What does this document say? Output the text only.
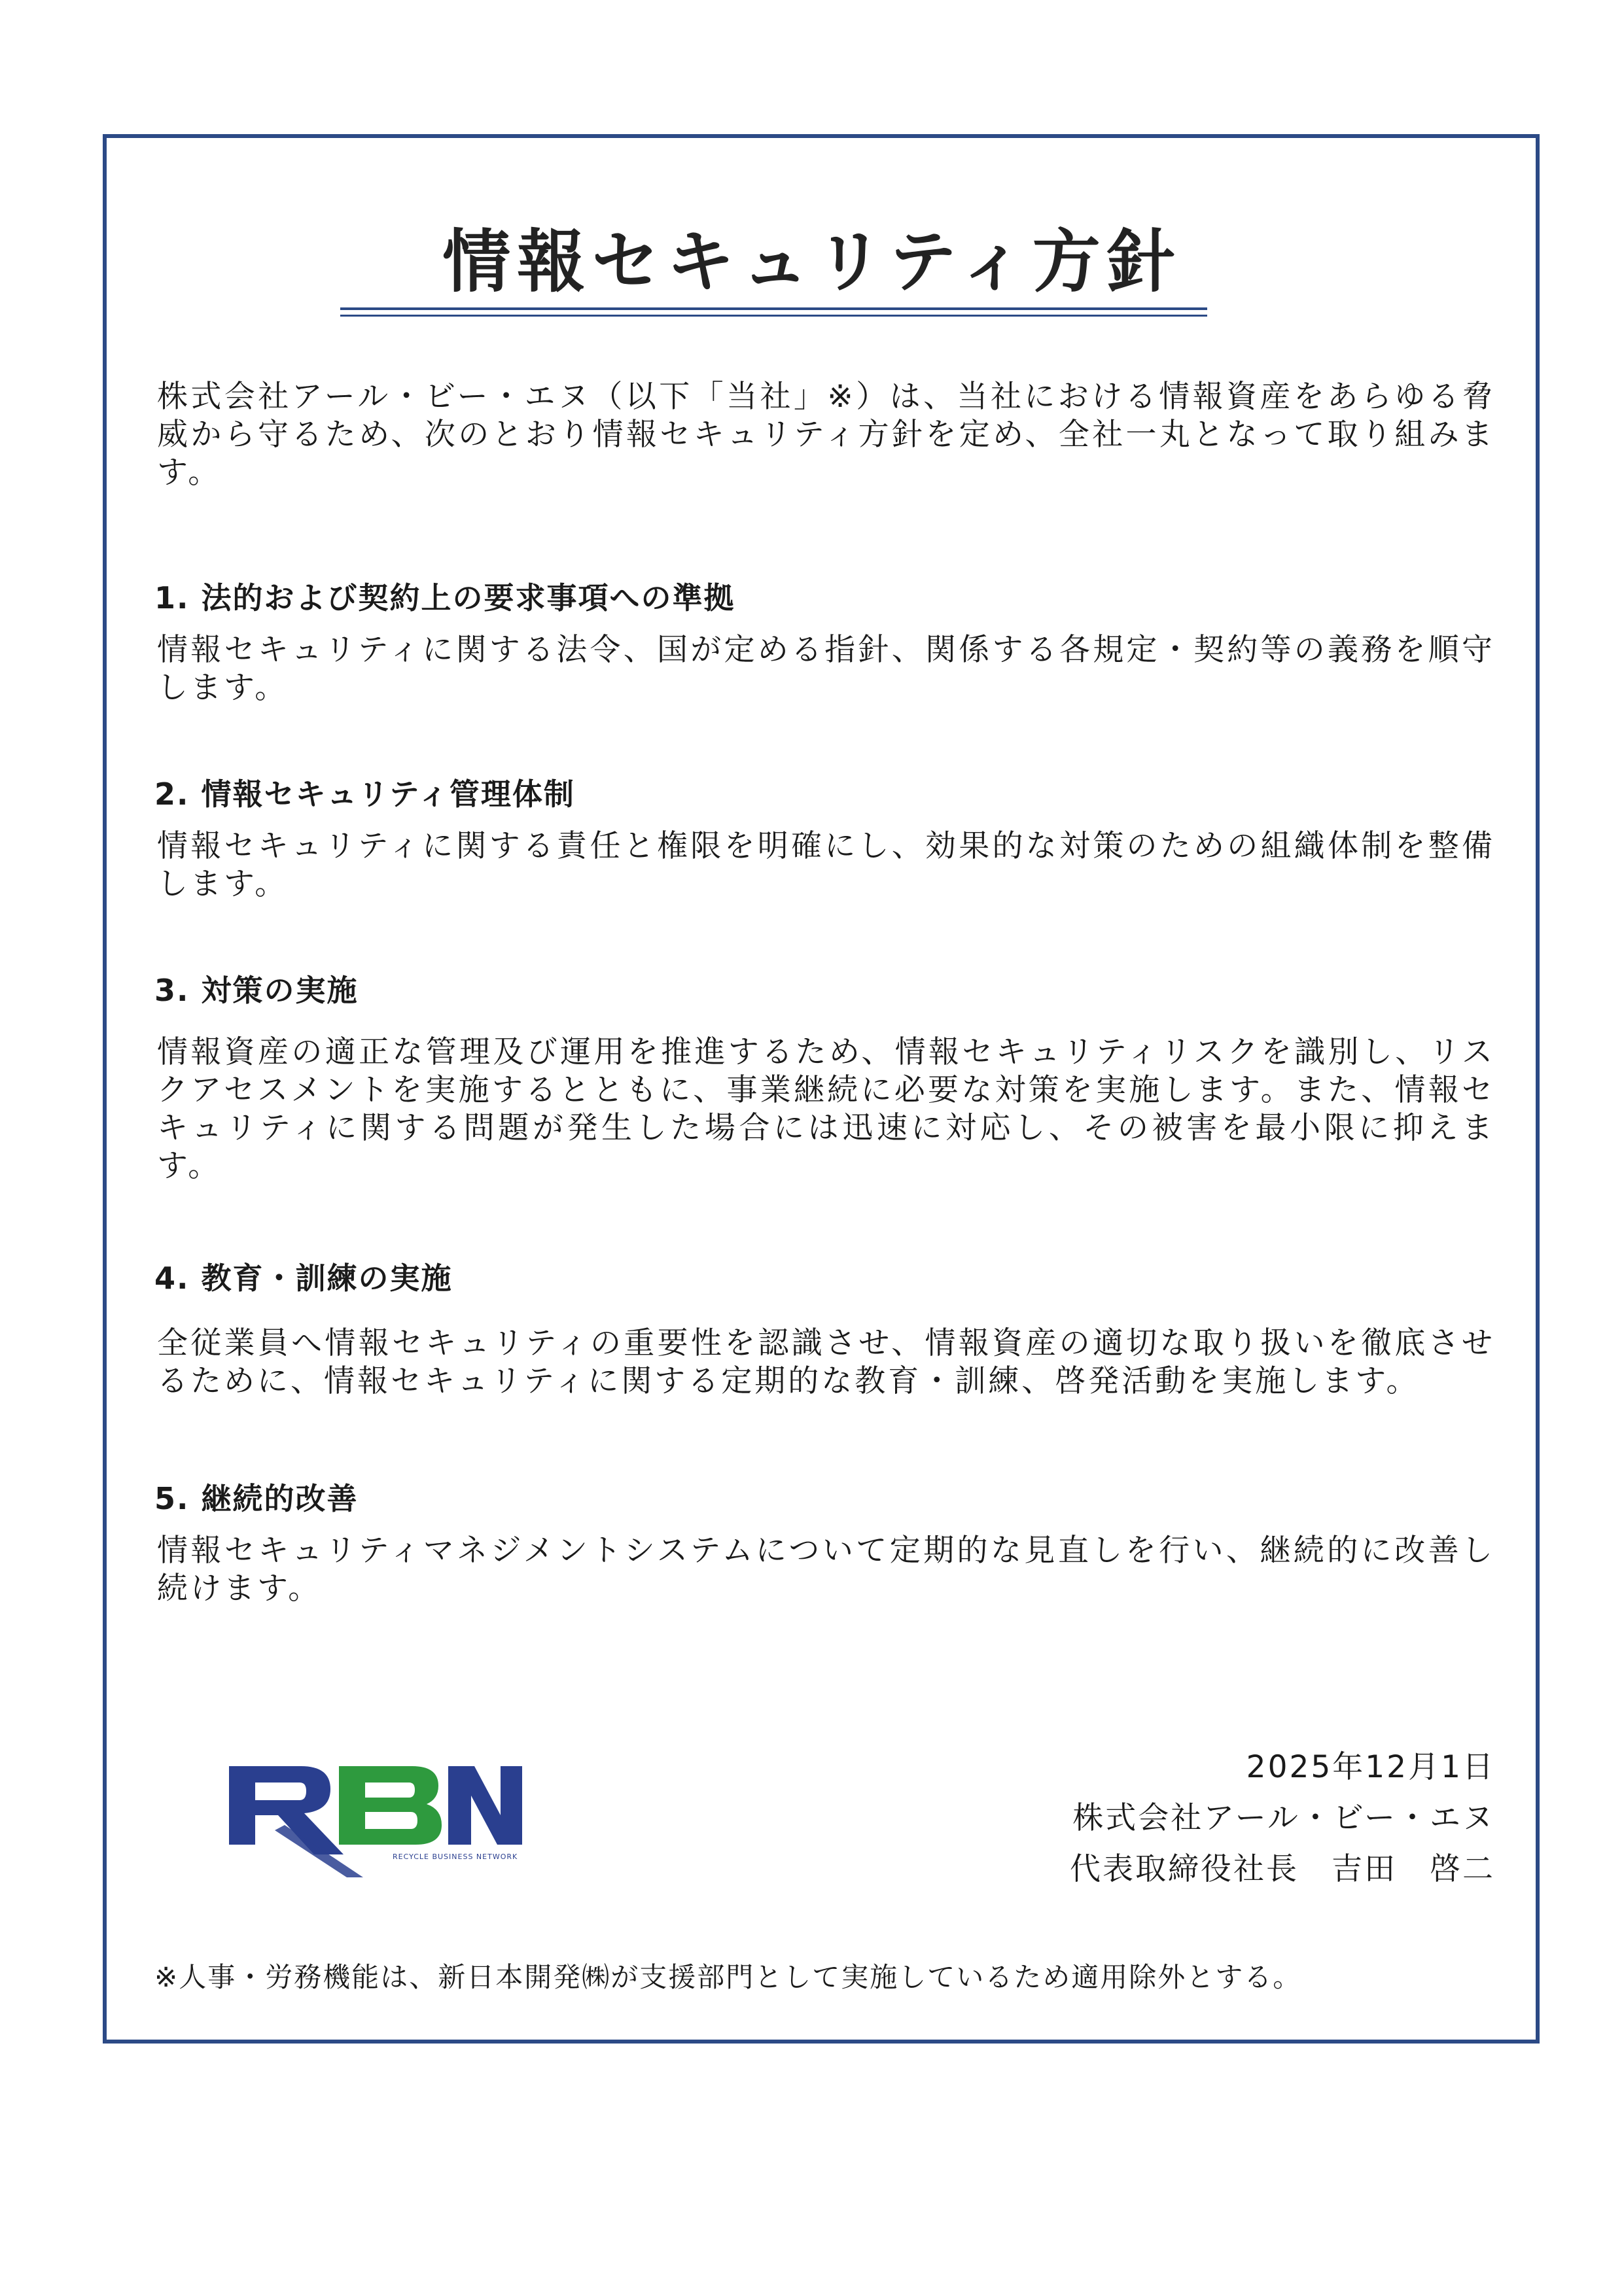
情報セキュリティ方針
株式会社アール・ビー・エヌ（以下「当社」※）は、当社における情報資産をあらゆる脅威から守るため、次のとおり情報セキュリティ方針を定め、全社一丸となって取り組みます。
1. 法的および契約上の要求事項への準拠
情報セキュリティに関する法令、国が定める指針、関係する各規定・契約等の義務を順守します。
2. 情報セキュリティ管理体制
情報セキュリティに関する責任と権限を明確にし、効果的な対策のための組織体制を整備します。
3. 対策の実施
情報資産の適正な管理及び運用を推進するため、情報セキュリティリスクを識別し、リスクアセスメントを実施するとともに、事業継続に必要な対策を実施します。また、情報セキュリティに関する問題が発生した場合には迅速に対応し、その被害を最小限に抑えます。
4. 教育・訓練の実施
全従業員へ情報セキュリティの重要性を認識させ、情報資産の適切な取り扱いを徹底させるために、情報セキュリティに関する定期的な教育・訓練、啓発活動を実施します。
5. 継続的改善
情報セキュリティマネジメントシステムについて定期的な見直しを行い、継続的に改善し続けます。
RECYCLE BUSINESS NETWORK
2025年12月1日
株式会社アール・ビー・エヌ
代表取締役社長　吉田　啓二
※人事・労務機能は、新日本開発㈱が支援部門として実施しているため適用除外とする。
